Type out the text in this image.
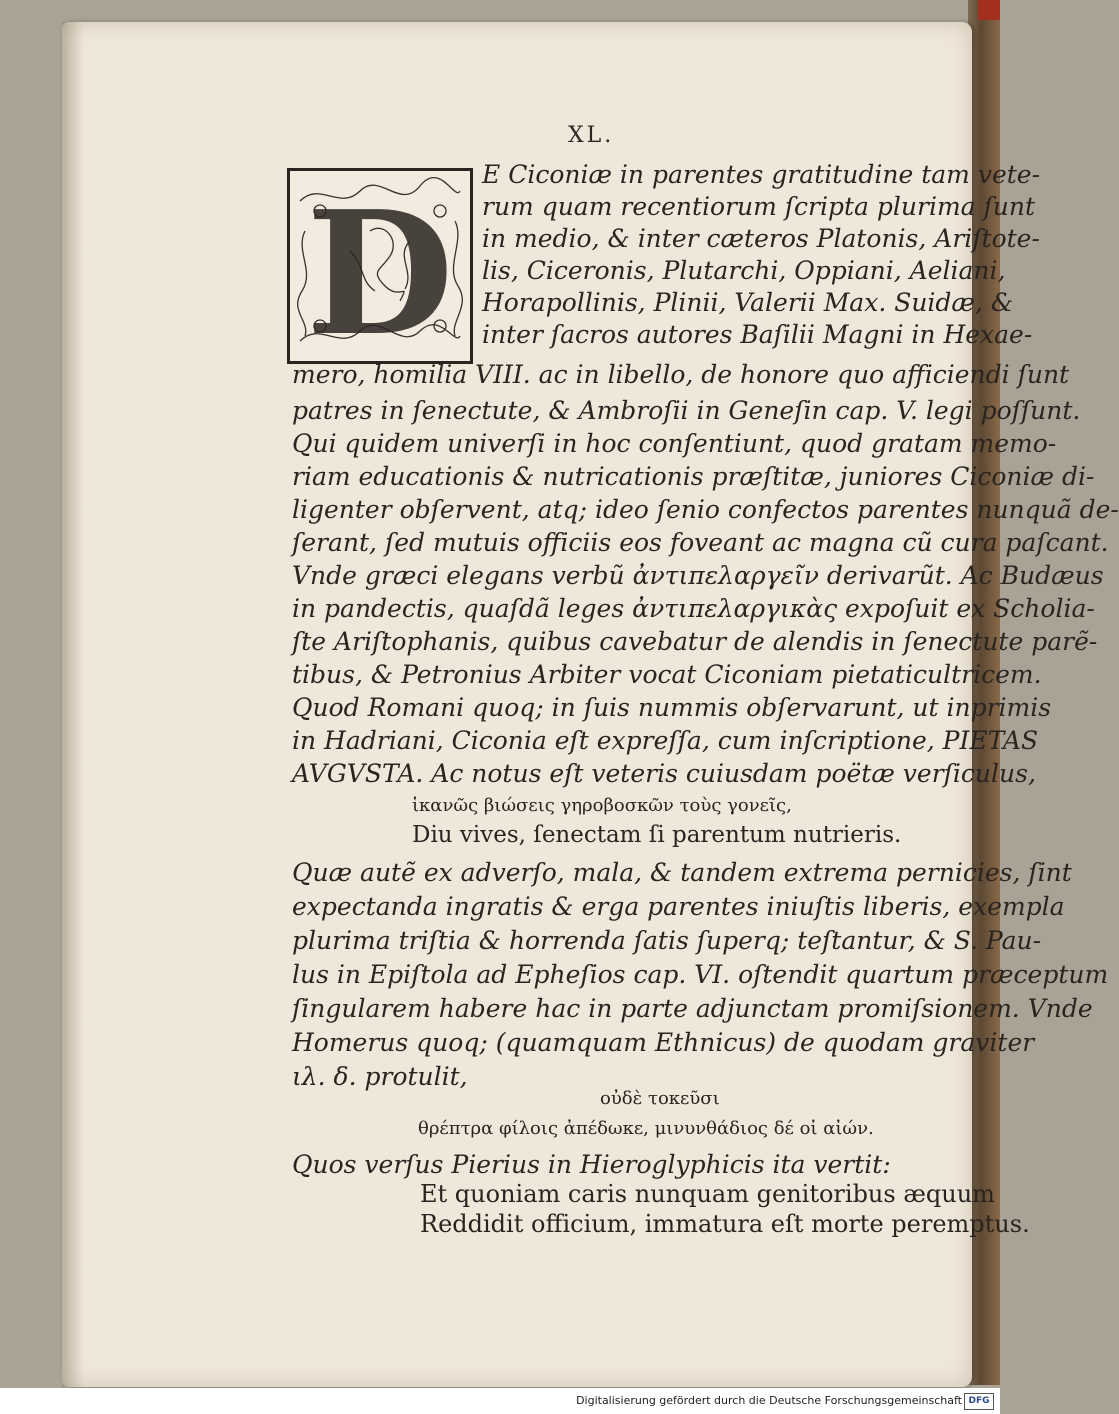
XL.
D E Ciconiæ in parentes gratitudine tam vete-
rum quam recentiorum ſcripta plurima ſunt
in medio, & inter cæteros Platonis, Ariſtote-
lis, Ciceronis, Plutarchi, Oppiani, Aeliani,
Horapollinis, Plinii, Valerii Max. Suidæ, &
inter ſacros autores Baſilii Magni in Hexae-
mero, homilia VIII. ac in libello, de honore quo afficiendi ſunt
patres in ſenectute, & Ambroſii in Geneſin cap. V. legi poſſunt.
Qui quidem univerſi in hoc conſentiunt, quod gratam memo-
riam educationis & nutricationis præſtitæ, juniores Ciconiæ di-
ligenter obſervent, atq; ideo ſenio confectos parentes nunquã de-
ſerant, ſed mutuis officiis eos foveant ac magna cũ cura paſcant.
Vnde græci elegans verbũ ἀντιπελαργεῖν derivarũt. Ac Budæus
in pandectis, quaſdã leges ἀντιπελαργικὰς expoſuit ex Scholia-
ſte Ariſtophanis, quibus cavebatur de alendis in ſenectute parẽ-
tibus, & Petronius Arbiter vocat Ciconiam pietaticultricem.
Quod Romani quoq; in ſuis nummis obſervarunt, ut inprimis
in Hadriani, Ciconia eſt expreſſa, cum inſcriptione, PIETAS
AVGVSTA. Ac notus eſt veteris cuiusdam poëtæ verſiculus,
ἱκανῶς βιώσεις γηροβοσκῶν τοὺς γονεῖς,
Diu vives, ſenectam ſi parentum nutrieris.
Quæ autẽ ex adverſo, mala, & tandem extrema pernicies, ſint
expectanda ingratis & erga parentes iniuſtis liberis, exempla
plurima triſtia & horrenda ſatis ſuperq; teſtantur, & S. Pau-
lus in Epiſtola ad Epheſios cap. VI. oſtendit quartum præceptum
ſingularem habere hac in parte adjunctam promiſsionem. Vnde
Homerus quoq; (quamquam Ethnicus) de quodam graviter
ιλ. δ. protulit,
οὐδὲ τοκεῦσι
θρέπτρα φίλοις ἀπέδωκε, μινυνθάδιος δέ οἱ αἰών.
Quos verſus Pierius in Hieroglyphicis ita vertit:
Et quoniam caris nunquam genitoribus æquum
Reddidit officium, immatura eſt morte peremptus.
Digitalisierung gefördert durch die Deutsche Forschungsgemeinschaft DFG
